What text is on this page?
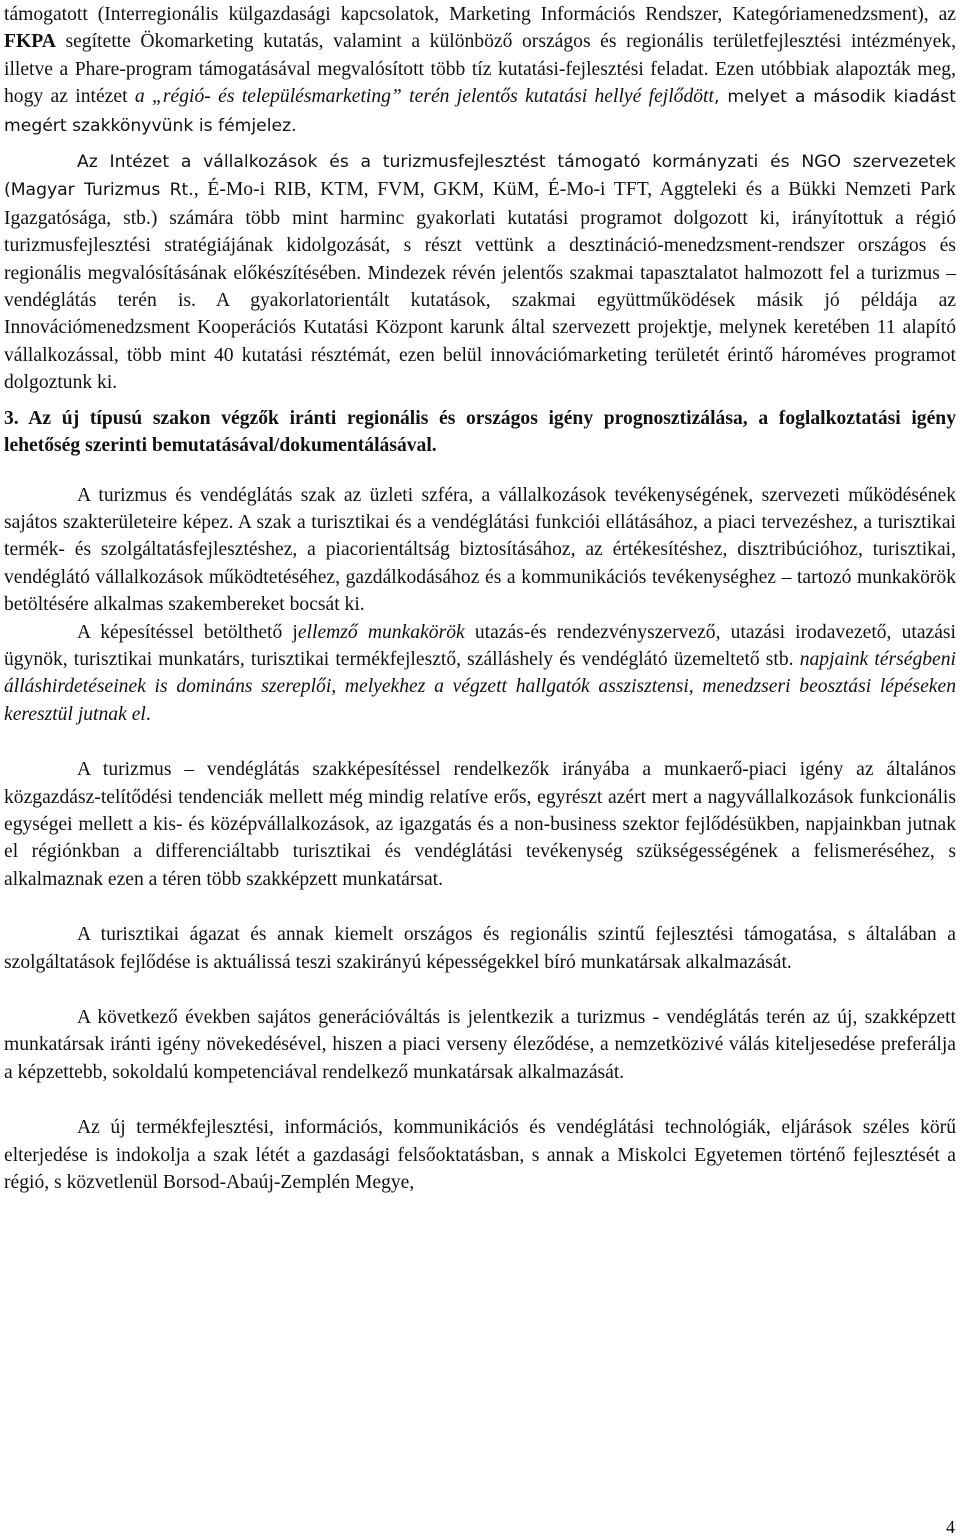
támogatott (Interregionális külgazdasági kapcsolatok, Marketing Információs Rendszer, Kategóriamenedzsment), az FKPA segítette Ökomarketing kutatás, valamint a különböző országos és regionális területfejlesztési intézmények, illetve a Phare-program támogatásával megvalósított több tíz kutatási-fejlesztési feladat. Ezen utóbbiak alapozták meg, hogy az intézet a „régió- és településmarketing” terén jelentős kutatási hellyé fejlődött, melyet a második kiadást megért szakkönyvünk is fémjelez.

Az Intézet a vállalkozások és a turizmusfejlesztést támogató kormányzati és NGO szervezetek (Magyar Turizmus Rt., É-Mo-i RIB, KTM, FVM, GKM, KüM, É-Mo-i TFT, Aggteleki és a Bükki Nemzeti Park Igazgatósága, stb.) számára több mint harminc gyakorlati kutatási programot dolgozott ki, irányítottuk a régió turizmusfejlesztési stratégiájának kidolgozását, s részt vettünk a desztináció-menedzsment-rendszer országos és regionális megvalósításának előkészítésében. Mindezek révén jelentős szakmai tapasztalatot halmozott fel a turizmus – vendéglátás terén is. A gyakorlatorientált kutatások, szakmai együttműködések másik jó példája az Innovációmenedzsment Kooperációs Kutatási Központ karunk által szervezett projektje, melynek keretében 11 alapító vállalkozással, több mint 40 kutatási résztémát, ezen belül innovációmarketing területét érintő hároméves programot dolgoztunk ki.

3. Az új típusú szakon végzők iránti regionális és országos igény prognosztizálása, a foglalkoztatási igény lehetőség szerinti bemutatásával/dokumentálásával.

A turizmus és vendéglátás szak az üzleti szféra, a vállalkozások tevékenységének, szervezeti működésének sajátos szakterületeire képez. A szak a turisztikai és a vendéglátási funkciói ellátásához, a piaci tervezéshez, a turisztikai termék- és szolgáltatásfejlesztéshez, a piacorientáltság biztosításához, az értékesítéshez, disztribúcióhoz, turisztikai, vendéglátó vállalkozások működtetéséhez, gazdálkodásához és a kommunikációs tevékenységhez – tartozó munkakörök betöltésére alkalmas szakembereket bocsát ki.

A képesítéssel betölthető jellemző munkakörök utazás-és rendezvényszervező, utazási irodavezető, utazási ügynök, turisztikai munkatárs, turisztikai termékfejlesztő, szálláshely és vendéglátó üzemeltető stb. napjaink térségbeni álláshirdetéseinek is domináns szereplői, melyekhez a végzett hallgatók asszisztensi, menedzseri beosztási lépéseken keresztül jutnak el.

A turizmus – vendéglátás szakképesítéssel rendelkezők irányába a munkaerő-piaci igény az általános közgazdász-telítődési tendenciák mellett még mindig relatíve erős, egyrészt azért mert a nagyvállalkozások funkcionális egységei mellett a kis- és középvállalkozások, az igazgatás és a non-business szektor fejlődésükben, napjainkban jutnak el régiónkban a differenciáltabb turisztikai és vendéglátási tevékenység szükségességének a felismeréséhez, s alkalmaznak ezen a téren több szakképzett munkatársat.

A turisztikai ágazat és annak kiemelt országos és regionális szintű fejlesztési támogatása, s általában a szolgáltatások fejlődése is aktuálissá teszi szakirányú képességekkel bíró munkatársak alkalmazását.

A következő években sajátos generációváltás is jelentkezik a turizmus - vendéglátás terén az új, szakképzett munkatársak iránti igény növekedésével, hiszen a piaci verseny éleződése, a nemzetközivé válás kiteljesedése preferálja a képzettebb, sokoldalú kompetenciával rendelkező munkatársak alkalmazását.

Az új termékfejlesztési, információs, kommunikációs és vendéglátási technológiák, eljárások széles körű elterjedése is indokolja a szak létét a gazdasági felsőoktatásban, s annak a Miskolci Egyetemen történő fejlesztését a régió, s közvetlenül Borsod-Abaúj-Zemplén Megye,

4
